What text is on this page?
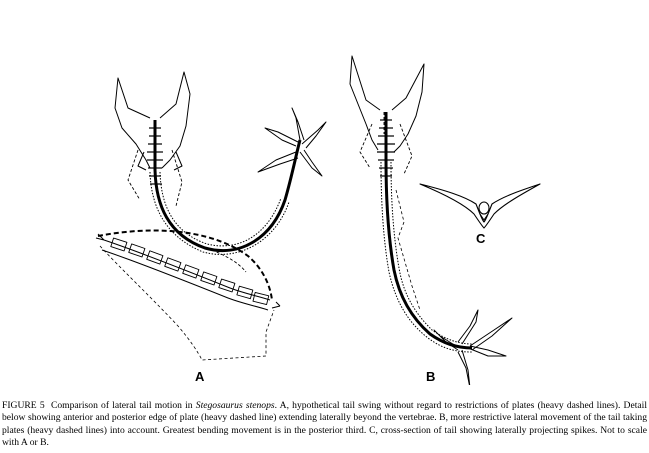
A	B
C

FIGURE 5 Comparison of lateral tail motion in Stegosaurus stenops. A, hypothetical tail swing without regard to restrictions of plates (heavy dashed lines). Detail below showing anterior and posterior edge of plate (heavy dashed line) extending laterally beyond the vertebrae. B, more restrictive lateral movement of the tail taking plates (heavy dashed lines) into account. Greatest bending movement is in the posterior third. C, cross-section of tail showing laterally projecting spikes. Not to scale with A or B.
